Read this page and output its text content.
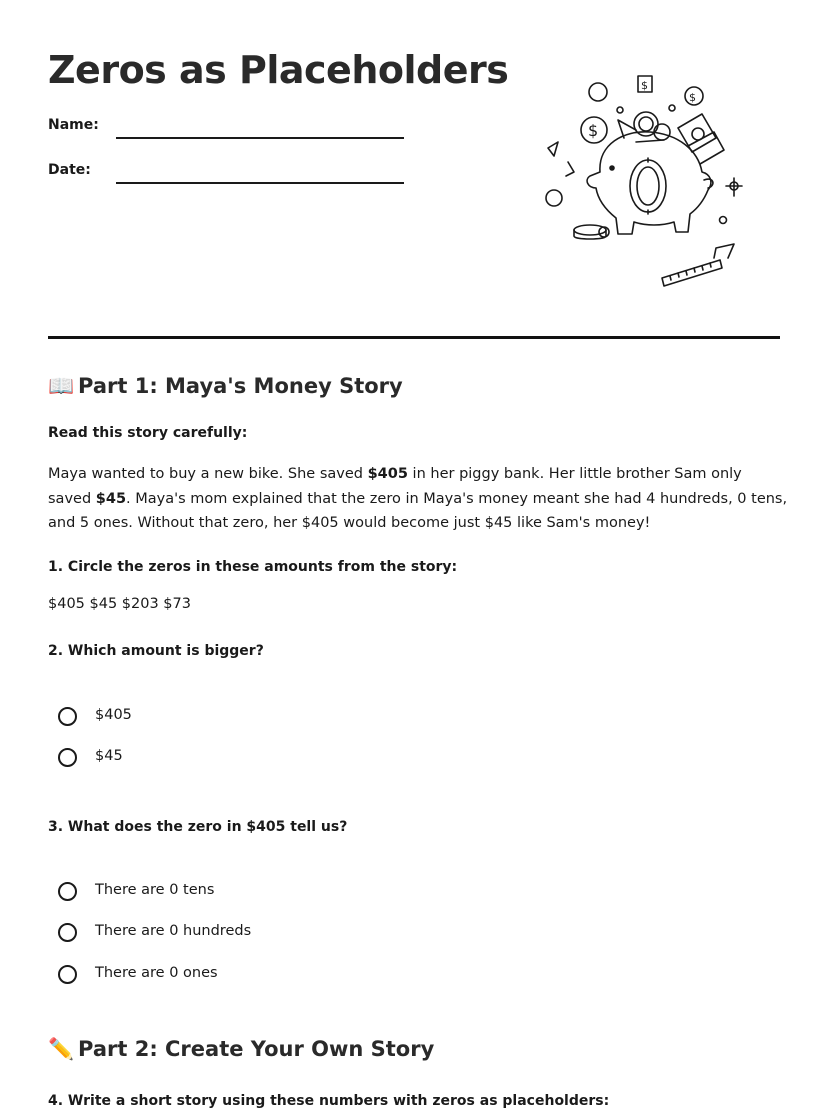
Zeros as Placeholders
Name:
Date:
$
$
$
📖 Part 1: Maya's Money Story
Read this story carefully:

Maya wanted to buy a new bike. She saved $405 in her piggy bank. Her little brother Sam only saved $45. Maya's mom explained that the zero in Maya's money meant she had 4 hundreds, 0 tens, and 5 ones. Without that zero, her $405 would become just $45 like Sam's money!

1. Circle the zeros in these amounts from the story:
$405 $45 $203 $73
2. Which amount is bigger?
$405
$45
3. What does the zero in $405 tell us?
There are 0 tens
There are 0 hundreds
There are 0 ones
✏️ Part 2: Create Your Own Story
4. Write a short story using these numbers with zeros as placeholders:
